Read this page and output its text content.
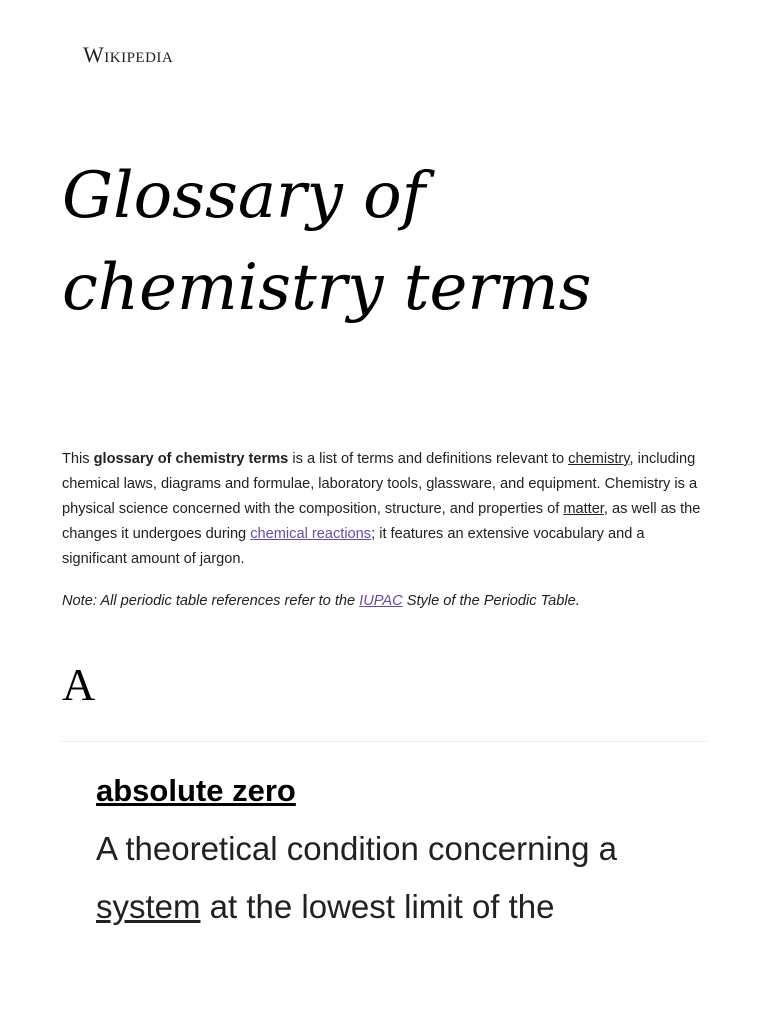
Wikipedia
Glossary of chemistry terms

This glossary of chemistry terms is a list of terms and definitions relevant to chemistry, including chemical laws, diagrams and formulae, laboratory tools, glassware, and equipment. Chemistry is a physical science concerned with the composition, structure, and properties of matter, as well as the changes it undergoes during chemical reactions; it features an extensive vocabulary and a significant amount of jargon.

Note: All periodic table references refer to the IUPAC Style of the Periodic Table.

A
absolute zero

A theoretical condition concerning a system at the lowest limit of the
